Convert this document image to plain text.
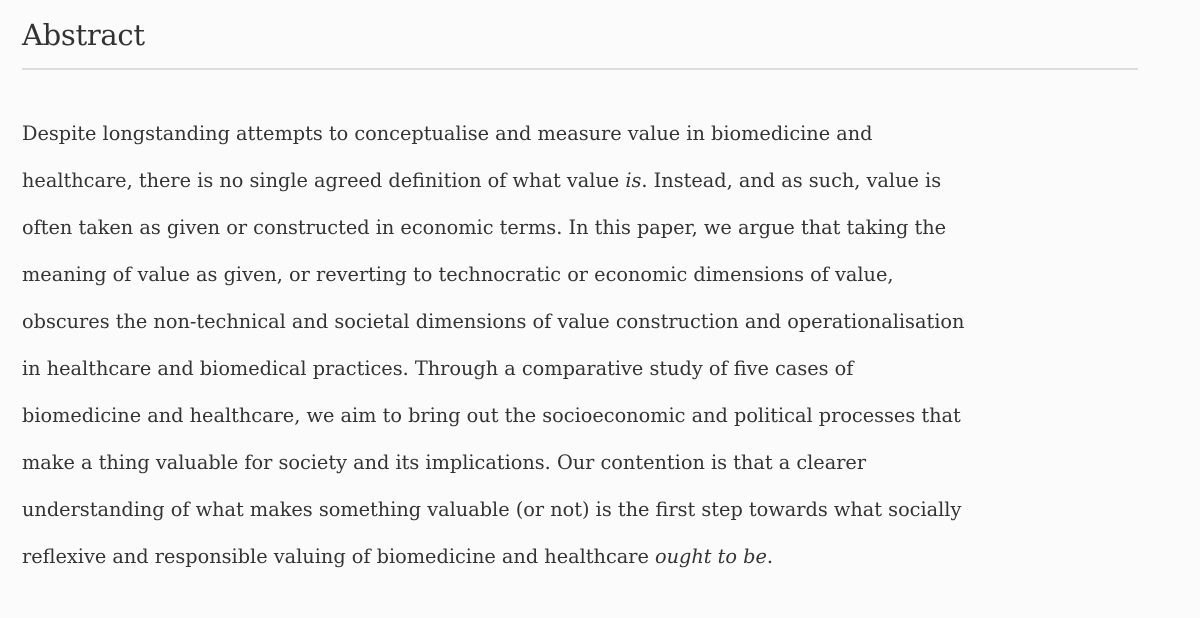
Abstract

Despite longstanding attempts to conceptualise and measure value in biomedicine and
healthcare, there is no single agreed definition of what value is. Instead, and as such, value is
often taken as given or constructed in economic terms. In this paper, we argue that taking the
meaning of value as given, or reverting to technocratic or economic dimensions of value,
obscures the non-technical and societal dimensions of value construction and operationalisation
in healthcare and biomedical practices. Through a comparative study of five cases of
biomedicine and healthcare, we aim to bring out the socioeconomic and political processes that
make a thing valuable for society and its implications. Our contention is that a clearer
understanding of what makes something valuable (or not) is the first step towards what socially
reflexive and responsible valuing of biomedicine and healthcare ought to be.
